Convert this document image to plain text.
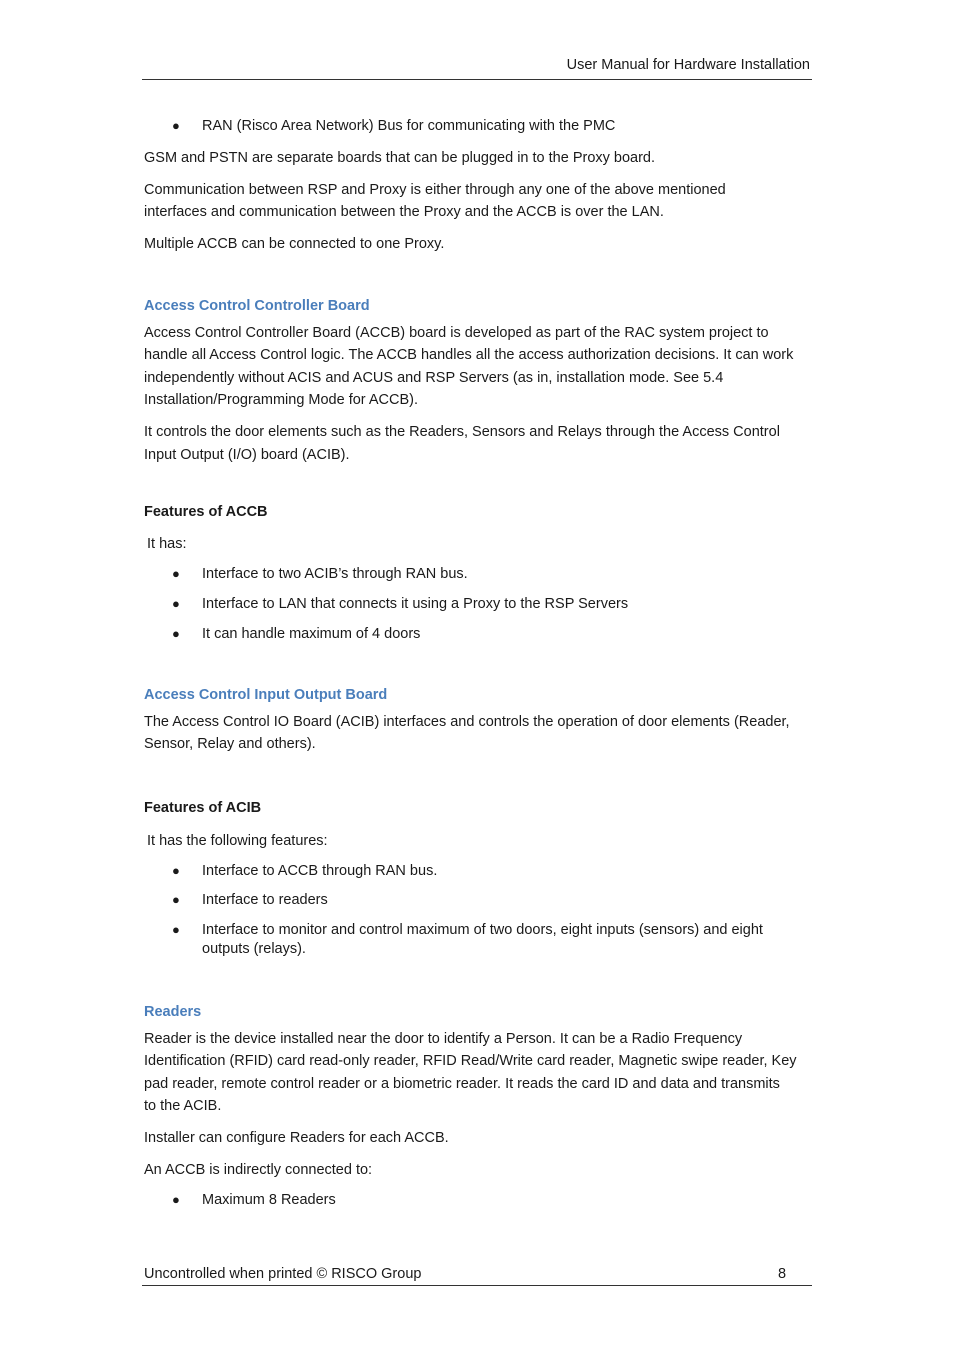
User Manual for Hardware Installation
● RAN (Risco Area Network) Bus for communicating with the PMC
GSM and PSTN are separate boards that can be plugged in to the Proxy board.
Communication between RSP and Proxy is either through any one of the above mentioned
interfaces and communication between the Proxy and the ACCB is over the LAN.
Multiple ACCB can be connected to one Proxy.
Access Control Controller Board
Access Control Controller Board (ACCB) board is developed as part of the RAC system project to
handle all Access Control logic. The ACCB handles all the access authorization decisions. It can work
independently without ACIS and ACUS and RSP Servers (as in, installation mode. See 5.4
Installation/Programming Mode for ACCB).
It controls the door elements such as the Readers, Sensors and Relays through the Access Control
Input Output (I/O) board (ACIB).
Features of ACCB
It has:
● Interface to two ACIB’s through RAN bus.
● Interface to LAN that connects it using a Proxy to the RSP Servers
● It can handle maximum of 4 doors
Access Control Input Output Board
The Access Control IO Board (ACIB) interfaces and controls the operation of door elements (Reader,
Sensor, Relay and others).
Features of ACIB
It has the following features:
● Interface to ACCB through RAN bus.
● Interface to readers
● Interface to monitor and control maximum of two doors, eight inputs (sensors) and eight
outputs (relays).
Readers
Reader is the device installed near the door to identify a Person. It can be a Radio Frequency
Identification (RFID) card read-only reader, RFID Read/Write card reader, Magnetic swipe reader, Key
pad reader, remote control reader or a biometric reader. It reads the card ID and data and transmits
to the ACIB.
Installer can configure Readers for each ACCB.
An ACCB is indirectly connected to:
● Maximum 8 Readers
Uncontrolled when printed © RISCO Group	8
